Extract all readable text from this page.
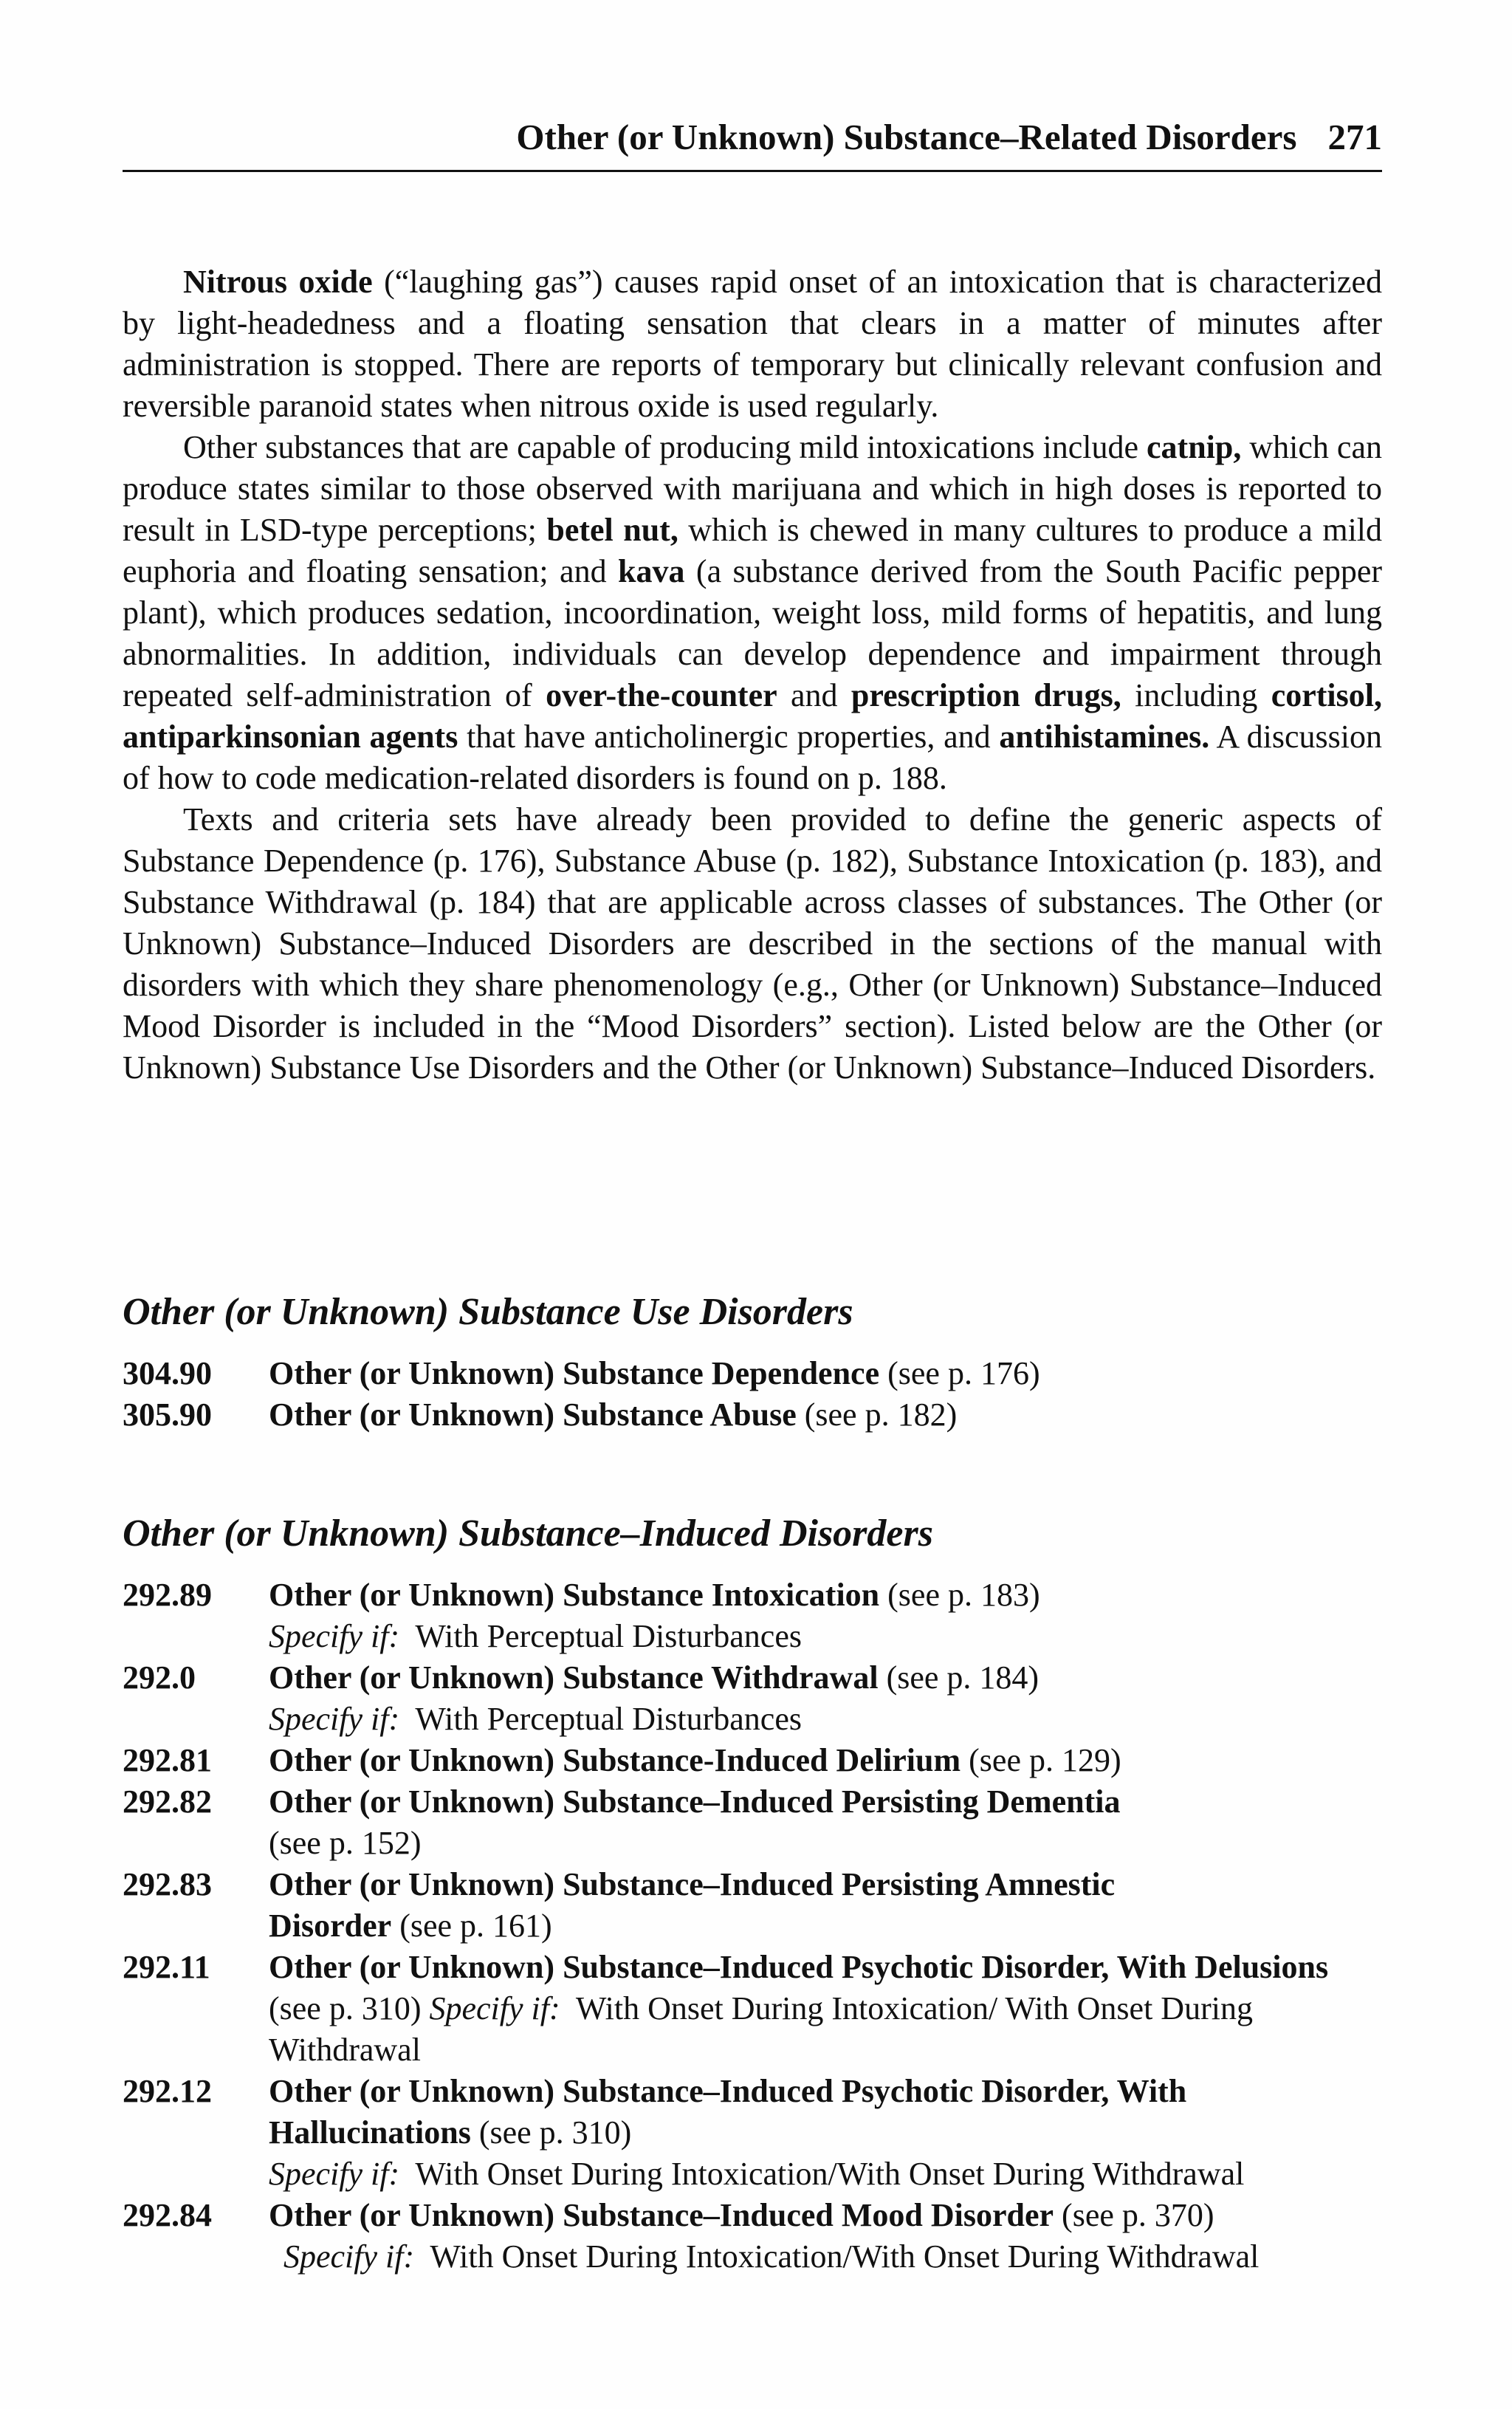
Other (or Unknown) Substance–Related Disorders 271

Nitrous oxide (“laughing gas”) causes rapid onset of an intoxication that is characterized by light-headedness and a floating sensation that clears in a matter of minutes after administration is stopped. There are reports of temporary but clinically relevant confusion and reversible paranoid states when nitrous oxide is used regularly.

Other substances that are capable of producing mild intoxications include catnip, which can produce states similar to those observed with marijuana and which in high doses is reported to result in LSD-type perceptions; betel nut, which is chewed in many cultures to produce a mild euphoria and floating sensation; and kava (a substance derived from the South Pacific pepper plant), which produces sedation, incoordination, weight loss, mild forms of hepatitis, and lung abnormalities. In addition, individuals can develop dependence and impairment through repeated self-administration of over-the-counter and prescription drugs, including cortisol, antiparkinsonian agents that have anticholinergic properties, and antihistamines. A discussion of how to code medication-related disorders is found on p. 188.

Texts and criteria sets have already been provided to define the generic aspects of Substance Dependence (p. 176), Substance Abuse (p. 182), Substance Intoxication (p. 183), and Substance Withdrawal (p. 184) that are applicable across classes of substances. The Other (or Unknown) Substance–Induced Disorders are described in the sections of the manual with disorders with which they share phenomenology (e.g., Other (or Unknown) Substance–Induced Mood Disorder is included in the “Mood Disorders” section). Listed below are the Other (or Unknown) Substance Use Disorders and the Other (or Unknown) Substance–Induced Disorders.

Other (or Unknown) Substance Use Disorders
304.90	Other (or Unknown) Substance Dependence (see p. 176)
305.90	Other (or Unknown) Substance Abuse (see p. 182)
Other (or Unknown) Substance–Induced Disorders
292.89	Other (or Unknown) Substance Intoxication (see p. 183)
Specify if: With Perceptual Disturbances
292.0	Other (or Unknown) Substance Withdrawal (see p. 184)
Specify if: With Perceptual Disturbances
292.81	Other (or Unknown) Substance-Induced Delirium (see p. 129)
292.82	Other (or Unknown) Substance–Induced Persisting Dementia
(see p. 152)
292.83	Other (or Unknown) Substance–Induced Persisting Amnestic Disorder (see p. 161)
292.11	Other (or Unknown) Substance–Induced Psychotic Disorder, With Delusions (see p. 310) Specify if: With Onset During Intoxication/ With Onset During Withdrawal
292.12	Other (or Unknown) Substance–Induced Psychotic Disorder, With Hallucinations (see p. 310)
Specify if: With Onset During Intoxication/With Onset During Withdrawal
292.84	Other (or Unknown) Substance–Induced Mood Disorder (see p. 370)
Specify if: With Onset During Intoxication/With Onset During Withdrawal
